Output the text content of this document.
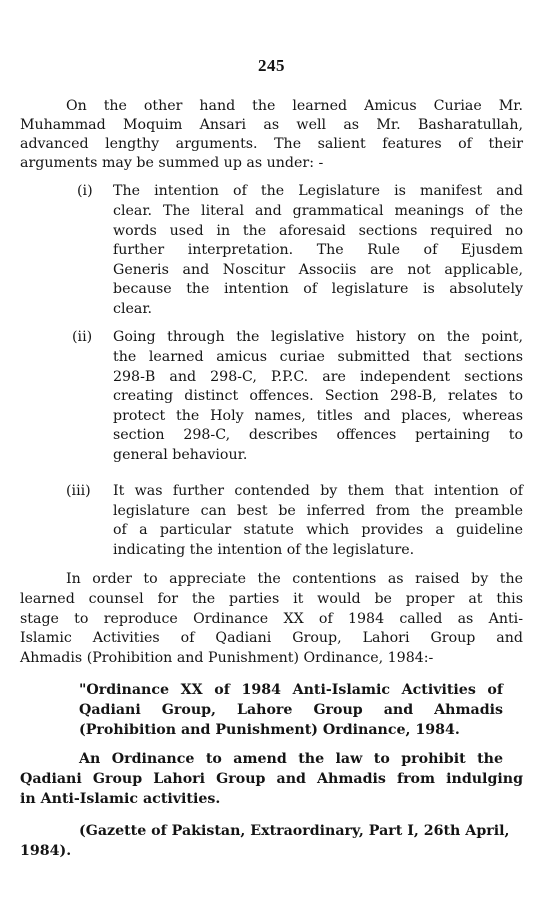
245
On the other hand the learned Amicus Curiae Mr.
Muhammad Moquim Ansari as well as Mr. Basharatullah,
advanced lengthy arguments. The salient features of their
arguments may be summed up as under: -
(i) The intention of the Legislature is manifest and
clear. The literal and grammatical meanings of the
words used in the aforesaid sections required no
further interpretation. The Rule of Ejusdem
Generis and Noscitur Associis are not applicable,
because the intention of legislature is absolutely
clear.
(ii) Going through the legislative history on the point,
the learned amicus curiae submitted that sections
298-B and 298-C, P.P.C. are independent sections
creating distinct offences. Section 298-B, relates to
protect the Holy names, titles and places, whereas
section 298-C, describes offences pertaining to
general behaviour.
(iii) It was further contended by them that intention of
legislature can best be inferred from the preamble
of a particular statute which provides a guideline
indicating the intention of the legislature.
In order to appreciate the contentions as raised by the
learned counsel for the parties it would be proper at this
stage to reproduce Ordinance XX of 1984 called as Anti-
Islamic Activities of Qadiani Group, Lahori Group and
Ahmadis (Prohibition and Punishment) Ordinance, 1984:-
"Ordinance XX of 1984 Anti-Islamic Activities of
Qadiani Group, Lahore Group and Ahmadis
(Prohibition and Punishment) Ordinance, 1984.
An Ordinance to amend the law to prohibit the
Qadiani Group Lahori Group and Ahmadis from indulging
in Anti-Islamic activities.
(Gazette of Pakistan, Extraordinary, Part I, 26th April,
1984).
